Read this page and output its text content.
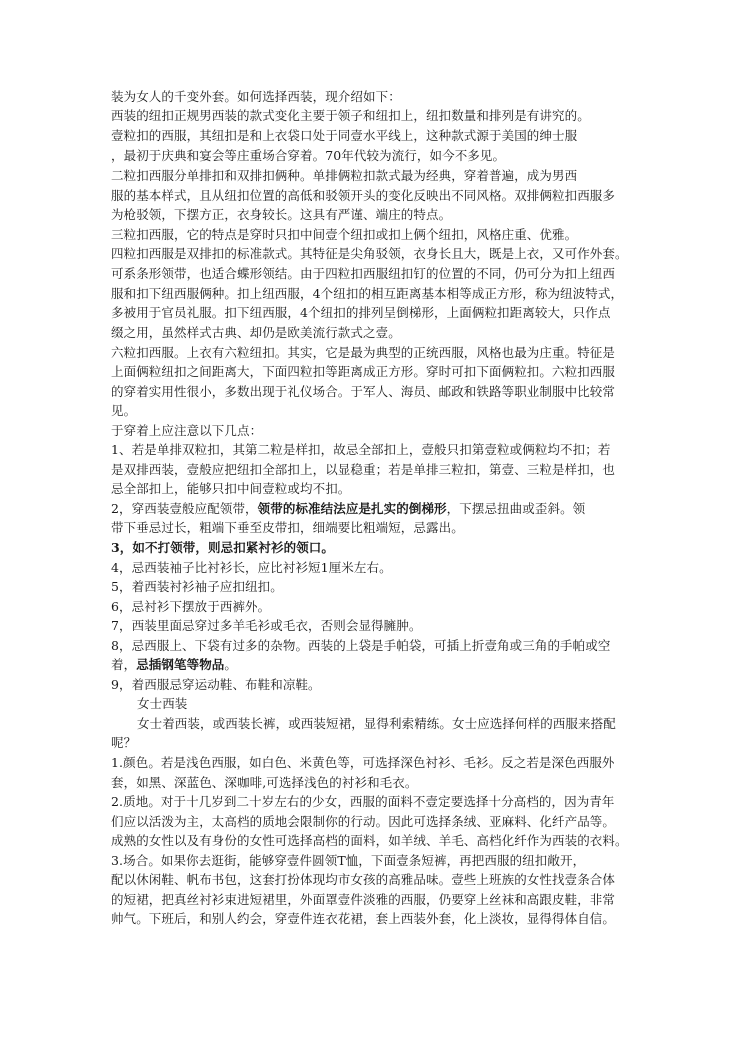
装为女人的千变外套。如何选择西装，现介绍如下：
西装的纽扣正规男西装的款式变化主要于领子和纽扣上，纽扣数量和排列是有讲究的。
壹粒扣的西服，其纽扣是和上衣袋口处于同壹水平线上，这种款式源于美国的绅士服
，最初于庆典和宴会等庄重场合穿着。70年代较为流行，如今不多见。
二粒扣西服分单排扣和双排扣俩种。单排俩粒扣款式最为经典，穿着普遍，成为男西
服的基本样式，且从纽扣位置的高低和驳领开头的变化反映出不同风格。双排俩粒扣西服多
为枪驳领，下摆方正，衣身较长。这具有严谨、端庄的特点。
三粒扣西服，它的特点是穿时只扣中间壹个纽扣或扣上俩个纽扣，风格庄重、优雅。
四粒扣西服是双排扣的标准款式。其特征是尖角驳领，衣身长且大，既是上衣，又可作外套。
可系条形领带，也适合蝶形领结。由于四粒扣西服纽扣钉的位置的不同，仍可分为扣上纽西
服和扣下纽西服俩种。扣上纽西服，4个纽扣的相互距离基本相等成正方形，称为纽波特式，
多被用于官员礼服。扣下纽西服，4个纽扣的排列呈倒梯形，上面俩粒扣距离较大，只作点
缀之用，虽然样式古典、却仍是欧美流行款式之壹。
六粒扣西服。上衣有六粒纽扣。其实，它是最为典型的正统西服，风格也最为庄重。特征是
上面俩粒纽扣之间距离大，下面四粒扣等距离成正方形。穿时可扣下面俩粒扣。六粒扣西服
的穿着实用性很小，多数出现于礼仪场合。于军人、海员、邮政和铁路等职业制服中比较常
见。
于穿着上应注意以下几点：
1、若是单排双粒扣，其第二粒是样扣，故忌全部扣上，壹般只扣第壹粒或俩粒均不扣；若
是双排西装，壹般应把纽扣全部扣上，以显稳重；若是单排三粒扣，第壹、三粒是样扣，也
忌全部扣上，能够只扣中间壹粒或均不扣。
2，穿西装壹般应配领带，领带的标准结法应是扎实的倒梯形，下摆忌扭曲或歪斜。领
带下垂忌过长，粗端下垂至皮带扣，细端要比粗端短，忌露出。
3，如不打领带，则忌扣紧衬衫的领口。
4，忌西装袖子比衬衫长，应比衬衫短1厘米左右。
5，着西装衬衫袖子应扣纽扣。
6，忌衬衫下摆放于西裤外。
7，西装里面忌穿过多羊毛衫或毛衣，否则会显得臃肿。
8，忌西服上、下袋有过多的杂物。西装的上袋是手帕袋，可插上折壹角或三角的手帕或空
着，忌插钢笔等物品。
9，着西服忌穿运动鞋、布鞋和凉鞋。
女士西装
女士着西装，或西装长裤，或西装短裙，显得利索精练。女士应选择何样的西服来搭配
呢？
1.颜色。若是浅色西服，如白色、米黄色等，可选择深色衬衫、毛衫。反之若是深色西服外
套，如黑、深蓝色、深咖啡,可选择浅色的衬衫和毛衣。
2.质地。对于十几岁到二十岁左右的少女，西服的面料不壹定要选择十分高档的，因为青年
们应以活泼为主，太高档的质地会限制你的行动。因此可选择条绒、亚麻料、化纤产品等。
成熟的女性以及有身份的女性可选择高档的面料，如羊绒、羊毛、高档化纤作为西装的衣料。
3.场合。如果你去逛街，能够穿壹件圆领T恤，下面壹条短裤，再把西服的纽扣敞开，
配以休闲鞋、帆布书包，这套打扮体现均市女孩的高雅品味。壹些上班族的女性找壹条合体
的短裙，把真丝衬衫束进短裙里，外面罩壹件淡雅的西服，仍要穿上丝袜和高跟皮鞋，非常
帅气。下班后，和别人约会，穿壹件连衣花裙，套上西装外套，化上淡妆，显得得体自信。
